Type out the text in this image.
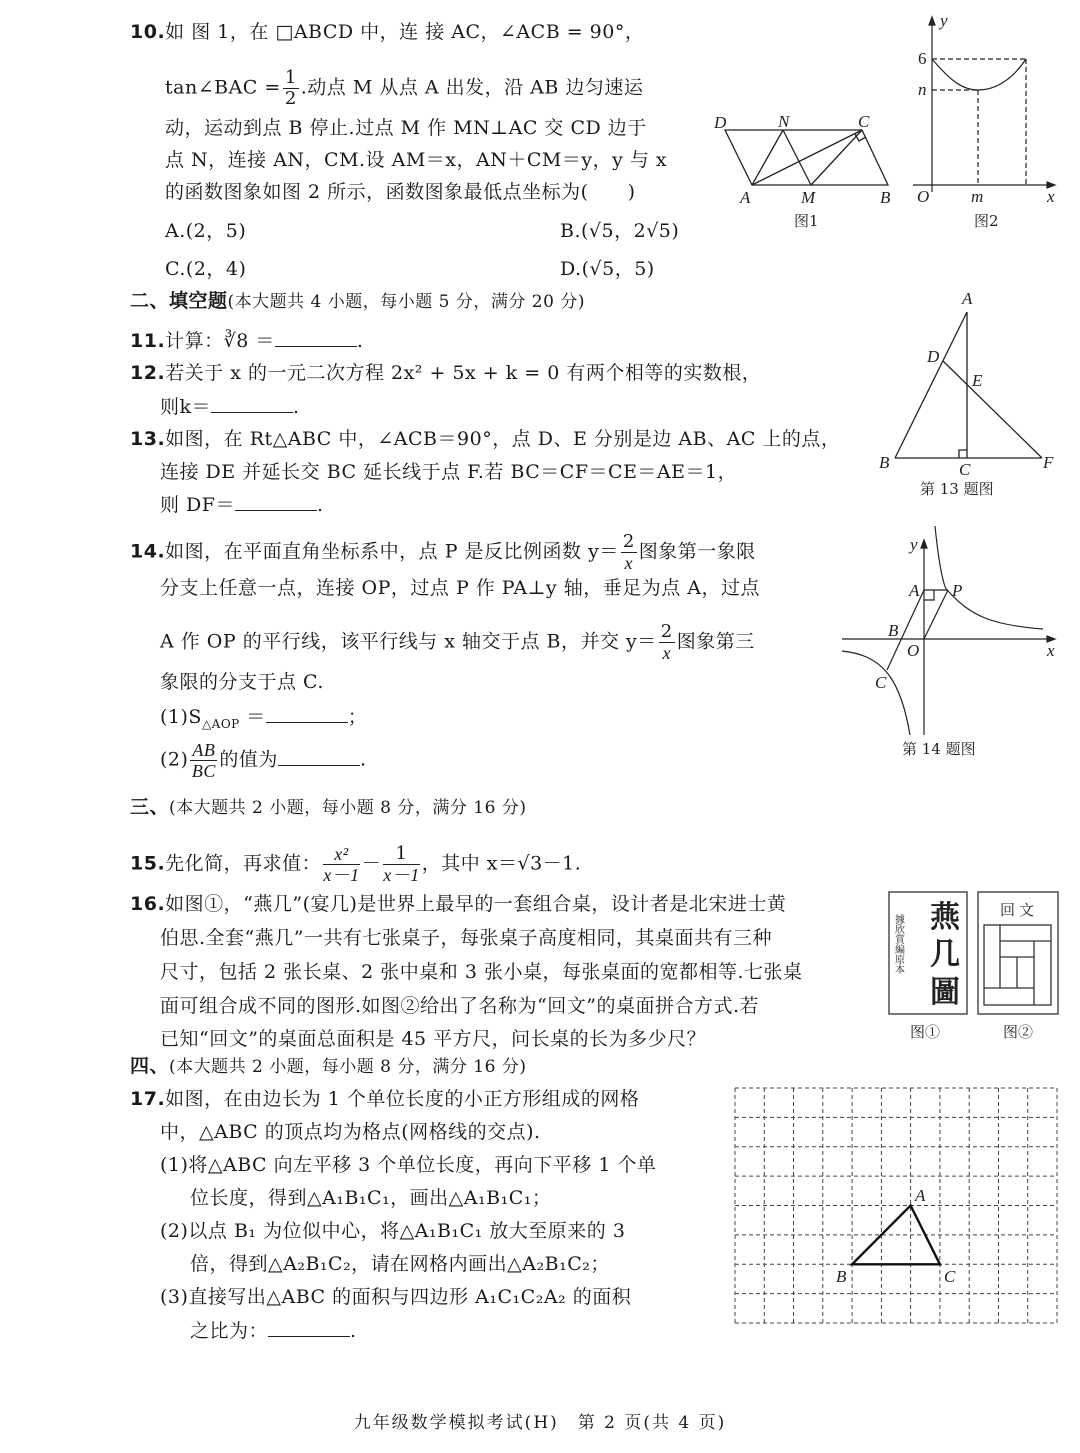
10.如 图 1，在 □ABCD 中，连 接 AC，∠ACB = 90°，
tan∠BAC = $\frac{1}{2}$ .动点 M 从点 A 出发，沿 AB 边匀速运
动，运动到点 B 停止.过点 M 作 MN⊥AC 交 CD 边于
点 N，连接 AN，CM.设 AM＝x，AN＋CM＝y，y 与 x
的函数图象如图 2 所示，函数图象最低点坐标为(　　)
A.(2，5)	B.(√5，2√5)
C.(2，4)	D.(√5，5)
D	N	C
A	M	B
图1
y
6
n
O m	x
图2
二、填空题(本大题共 4 小题，每小题 5 分，满分 20 分)
11.计算：∛8 ＝	.
12.若关于 x 的一元二次方程 2x² + 5x + k = 0 有两个相等的实数根，
则k＝	.
13.如图，在 Rt△ABC 中，∠ACB＝90°，点 D、E 分别是边 AB、AC 上的点，
连接 DE 并延长交 BC 延长线于点 F.若 BC＝CF＝CE＝AE＝1，
则 DF＝	.
A
D
E
B	C	F
第 13 题图
14.如图，在平面直角坐标系中，点 P 是反比例函数 $y= \frac{2}{x}$ 图象第一象限
分支上任意一点，连接 OP，过点 P 作 PA⊥y 轴，垂足为点 A，过点
A 作 OP 的平行线，该平行线与 x 轴交于点 B，并交 $y= \frac{2}{x}$ 图象第三
象限的分支于点 C.
$(1)S_{\triangle AOP}$ ＝	；
$(2) \frac{AB}{BC}$ 的值为	.
y
A P
B
O	x
C
第 14 题图
三、(本大题共 2 小题，每小题 8 分，满分 16 分)
15.先化简，再求值： $\frac{\text{x²}}{x-1} - \frac{1}{x-1}$ ，其中 x＝√3－1.
16.如图①，“燕几”(宴几)是世界上最早的一套组合桌，设计者是北宋进士黄
伯思.全套“燕几”一共有七张桌子，每张桌子高度相同，其桌面共有三种
尺寸，包括 2 张长桌、2 张中桌和 3 张小桌，每张桌面的宽都相等.七张桌
面可组合成不同的图形.如图②给出了名称为“回文”的桌面拼合方式.若
已知“回文”的桌面总面积是 45 平方尺，问长桌的长为多少尺？
燕
几
圖
據欣賞編原本
回文
图①	图②
四、(本大题共 2 小题，每小题 8 分，满分 16 分)
17.如图，在由边长为 1 个单位长度的小正方形组成的网格
中，△ABC 的顶点均为格点(网格线的交点).
(1)将△ABC 向左平移 3 个单位长度，再向下平移 1 个单
位长度，得到△A₁B₁C₁，画出△A₁B₁C₁；
(2)以点 B₁ 为位似中心，将△A₁B₁C₁ 放大至原来的 3
倍，得到△A₂B₁C₂，请在网格内画出△A₂B₁C₂；
(3)直接写出△ABC 的面积与四边形 A₁C₁C₂A₂ 的面积
之比为：	.
A
B	C
九年级数学模拟考试(H)　第 2 页(共 4 页)
